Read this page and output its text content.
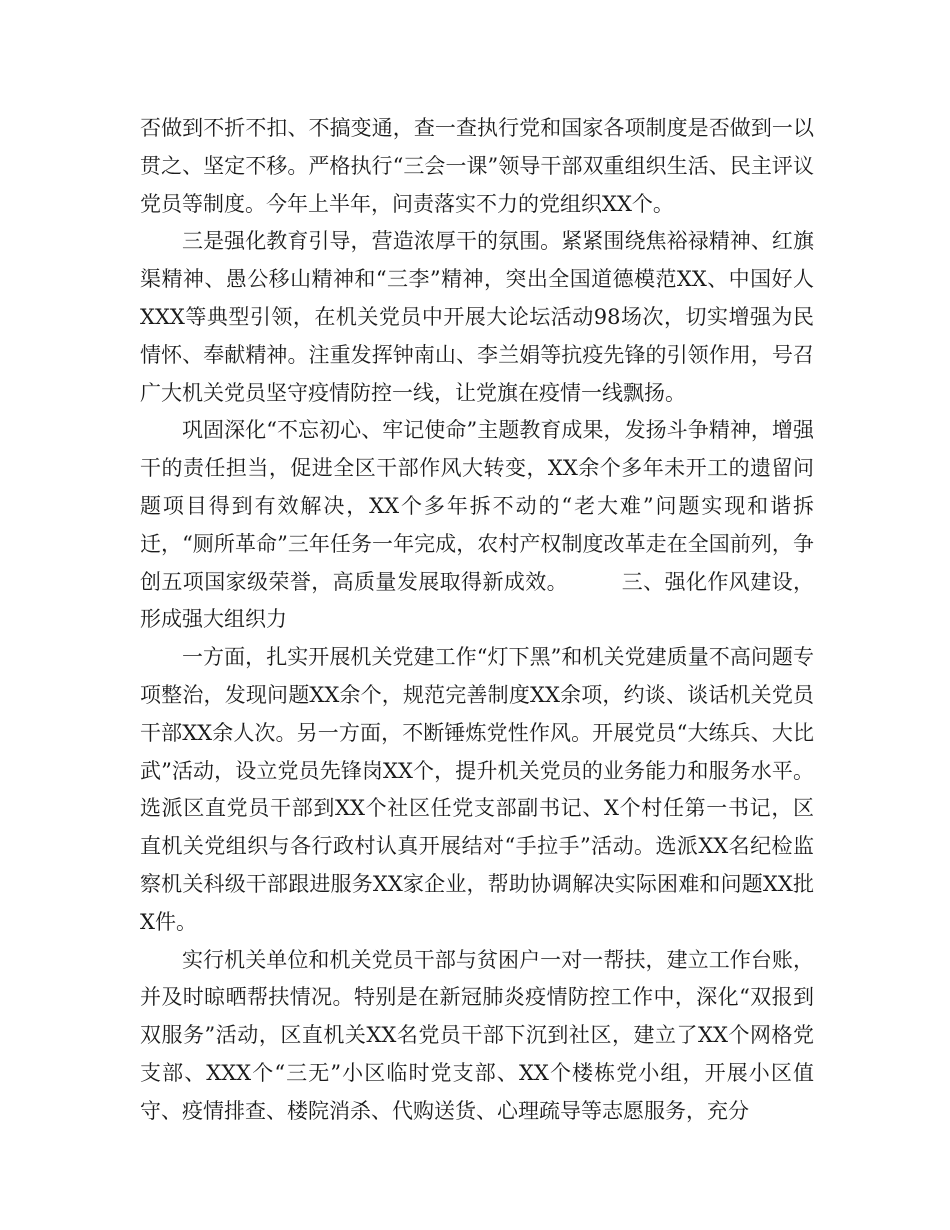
否做到不折不扣、不搞变通，查一查执行党和国家各项制度是否做到一以贯之、坚定不移。严格执行“三会一课”领导干部双重组织生活、民主评议党员等制度。今年上半年，问责落实不力的党组织XX个。

三是强化教育引导，营造浓厚干的氛围。紧紧围绕焦裕禄精神、红旗渠精神、愚公移山精神和“三李”精神，突出全国道德模范XX、中国好人XXX等典型引领，在机关党员中开展大论坛活动98场次，切实增强为民情怀、奉献精神。注重发挥钟南山、李兰娟等抗疫先锋的引领作用，号召广大机关党员坚守疫情防控一线，让党旗在疫情一线飘扬。

巩固深化“不忘初心、牢记使命”主题教育成果，发扬斗争精神，增强干的责任担当，促进全区干部作风大转变，XX余个多年未开工的遗留问题项目得到有效解决，XX个多年拆不动的“老大难”问题实现和谐拆迁，“厕所革命”三年任务一年完成，农村产权制度改革走在全国前列，争创五项国家级荣誉，高质量发展取得新成效。　　　三、强化作风建设，形成强大组织力

一方面，扎实开展机关党建工作“灯下黑”和机关党建质量不高问题专项整治，发现问题XX余个，规范完善制度XX余项，约谈、谈话机关党员干部XX余人次。另一方面，不断锤炼党性作风。开展党员“大练兵、大比武”活动，设立党员先锋岗XX个，提升机关党员的业务能力和服务水平。选派区直党员干部到XX个社区任党支部副书记、X个村任第一书记，区直机关党组织与各行政村认真开展结对“手拉手”活动。选派XX名纪检监察机关科级干部跟进服务XX家企业，帮助协调解决实际困难和问题XX批X件。

实行机关单位和机关党员干部与贫困户一对一帮扶，建立工作台账，并及时晾晒帮扶情况。特别是在新冠肺炎疫情防控工作中，深化“双报到双服务”活动，区直机关XX名党员干部下沉到社区，建立了XX个网格党支部、XXX个“三无”小区临时党支部、XX个楼栋党小组，开展小区值守、疫情排查、楼院消杀、代购送货、心理疏导等志愿服务，充分
